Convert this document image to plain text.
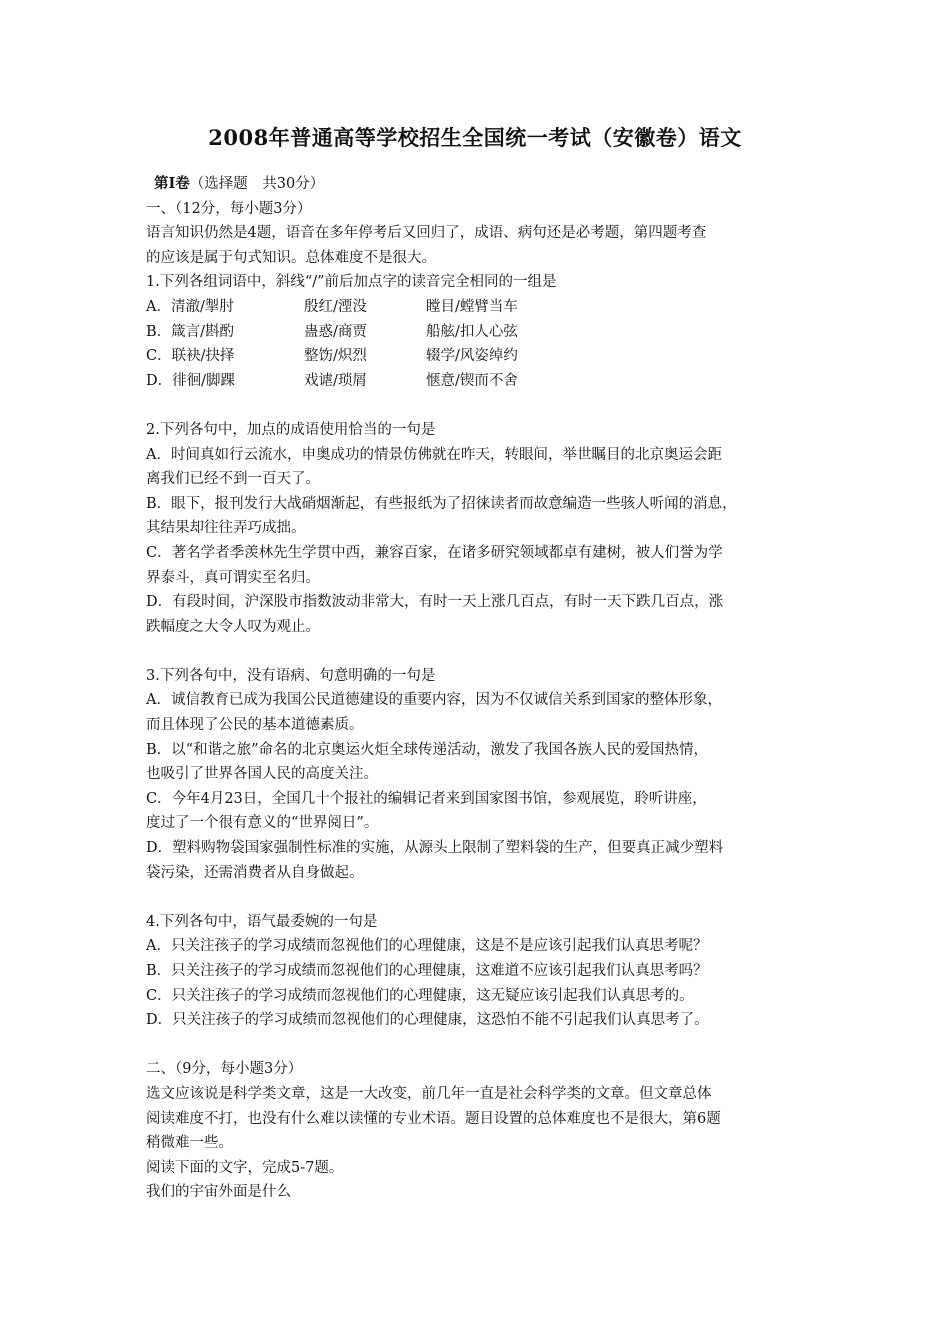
2008年普通高等学校招生全国统一考试（安徽卷）语文
第Ⅰ卷（选择题　共30分）
一、（12分，每小题3分）
语言知识仍然是4题，语音在多年停考后又回归了，成语、病句还是必考题，第四题考查
的应该是属于句式知识。总体难度不是很大。
1.下列各组词语中，斜线“/”前后加点字的读音完全相同的一组是
A．清澈/掣肘	殷红/湮没	瞠目/螳臂当车
B．箴言/斟酌	蛊惑/商贾	船舷/扣人心弦
C．联袂/抉择	整饬/炽烈	辍学/风姿绰约
D．徘徊/脚踝	戏谑/琐屑	惬意/锲而不舍
2.下列各句中，加点的成语使用恰当的一句是
A．时间真如行云流水，申奥成功的情景仿佛就在昨天，转眼间，举世瞩目的北京奥运会距
离我们已经不到一百天了。
B．眼下，报刊发行大战硝烟渐起，有些报纸为了招徕读者而故意编造一些骇人听闻的消息，
其结果却往往弄巧成拙。
C．著名学者季羡林先生学贯中西，兼容百家，在诸多研究领域都卓有建树，被人们誉为学
界泰斗，真可谓实至名归。
D．有段时间，沪深股市指数波动非常大，有时一天上涨几百点，有时一天下跌几百点，涨
跌幅度之大令人叹为观止。
3.下列各句中，没有语病、句意明确的一句是
A．诚信教育已成为我国公民道德建设的重要内容，因为不仅诚信关系到国家的整体形象，
而且体现了公民的基本道德素质。
B．以“和谐之旅”命名的北京奥运火炬全球传递活动，激发了我国各族人民的爱国热情，
也吸引了世界各国人民的高度关注。
C．今年4月23日，全国几十个报社的编辑记者来到国家图书馆，参观展览，聆听讲座，
度过了一个很有意义的“世界阅日”。
D．塑料购物袋国家强制性标准的实施，从源头上限制了塑料袋的生产，但要真正减少塑料
袋污染，还需消费者从自身做起。
4.下列各句中，语气最委婉的一句是
A．只关注孩子的学习成绩而忽视他们的心理健康，这是不是应该引起我们认真思考呢？
B．只关注孩子的学习成绩而忽视他们的心理健康，这难道不应该引起我们认真思考吗？
C．只关注孩子的学习成绩而忽视他们的心理健康，这无疑应该引起我们认真思考的。
D．只关注孩子的学习成绩而忽视他们的心理健康，这恐怕不能不引起我们认真思考了。
二、（9分，每小题3分）
选文应该说是科学类文章，这是一大改变，前几年一直是社会科学类的文章。但文章总体
阅读难度不打，也没有什么难以读懂的专业术语。题目设置的总体难度也不是很大，第6题
稍微难一些。
阅读下面的文字，完成5-7题。
我们的宇宙外面是什么
